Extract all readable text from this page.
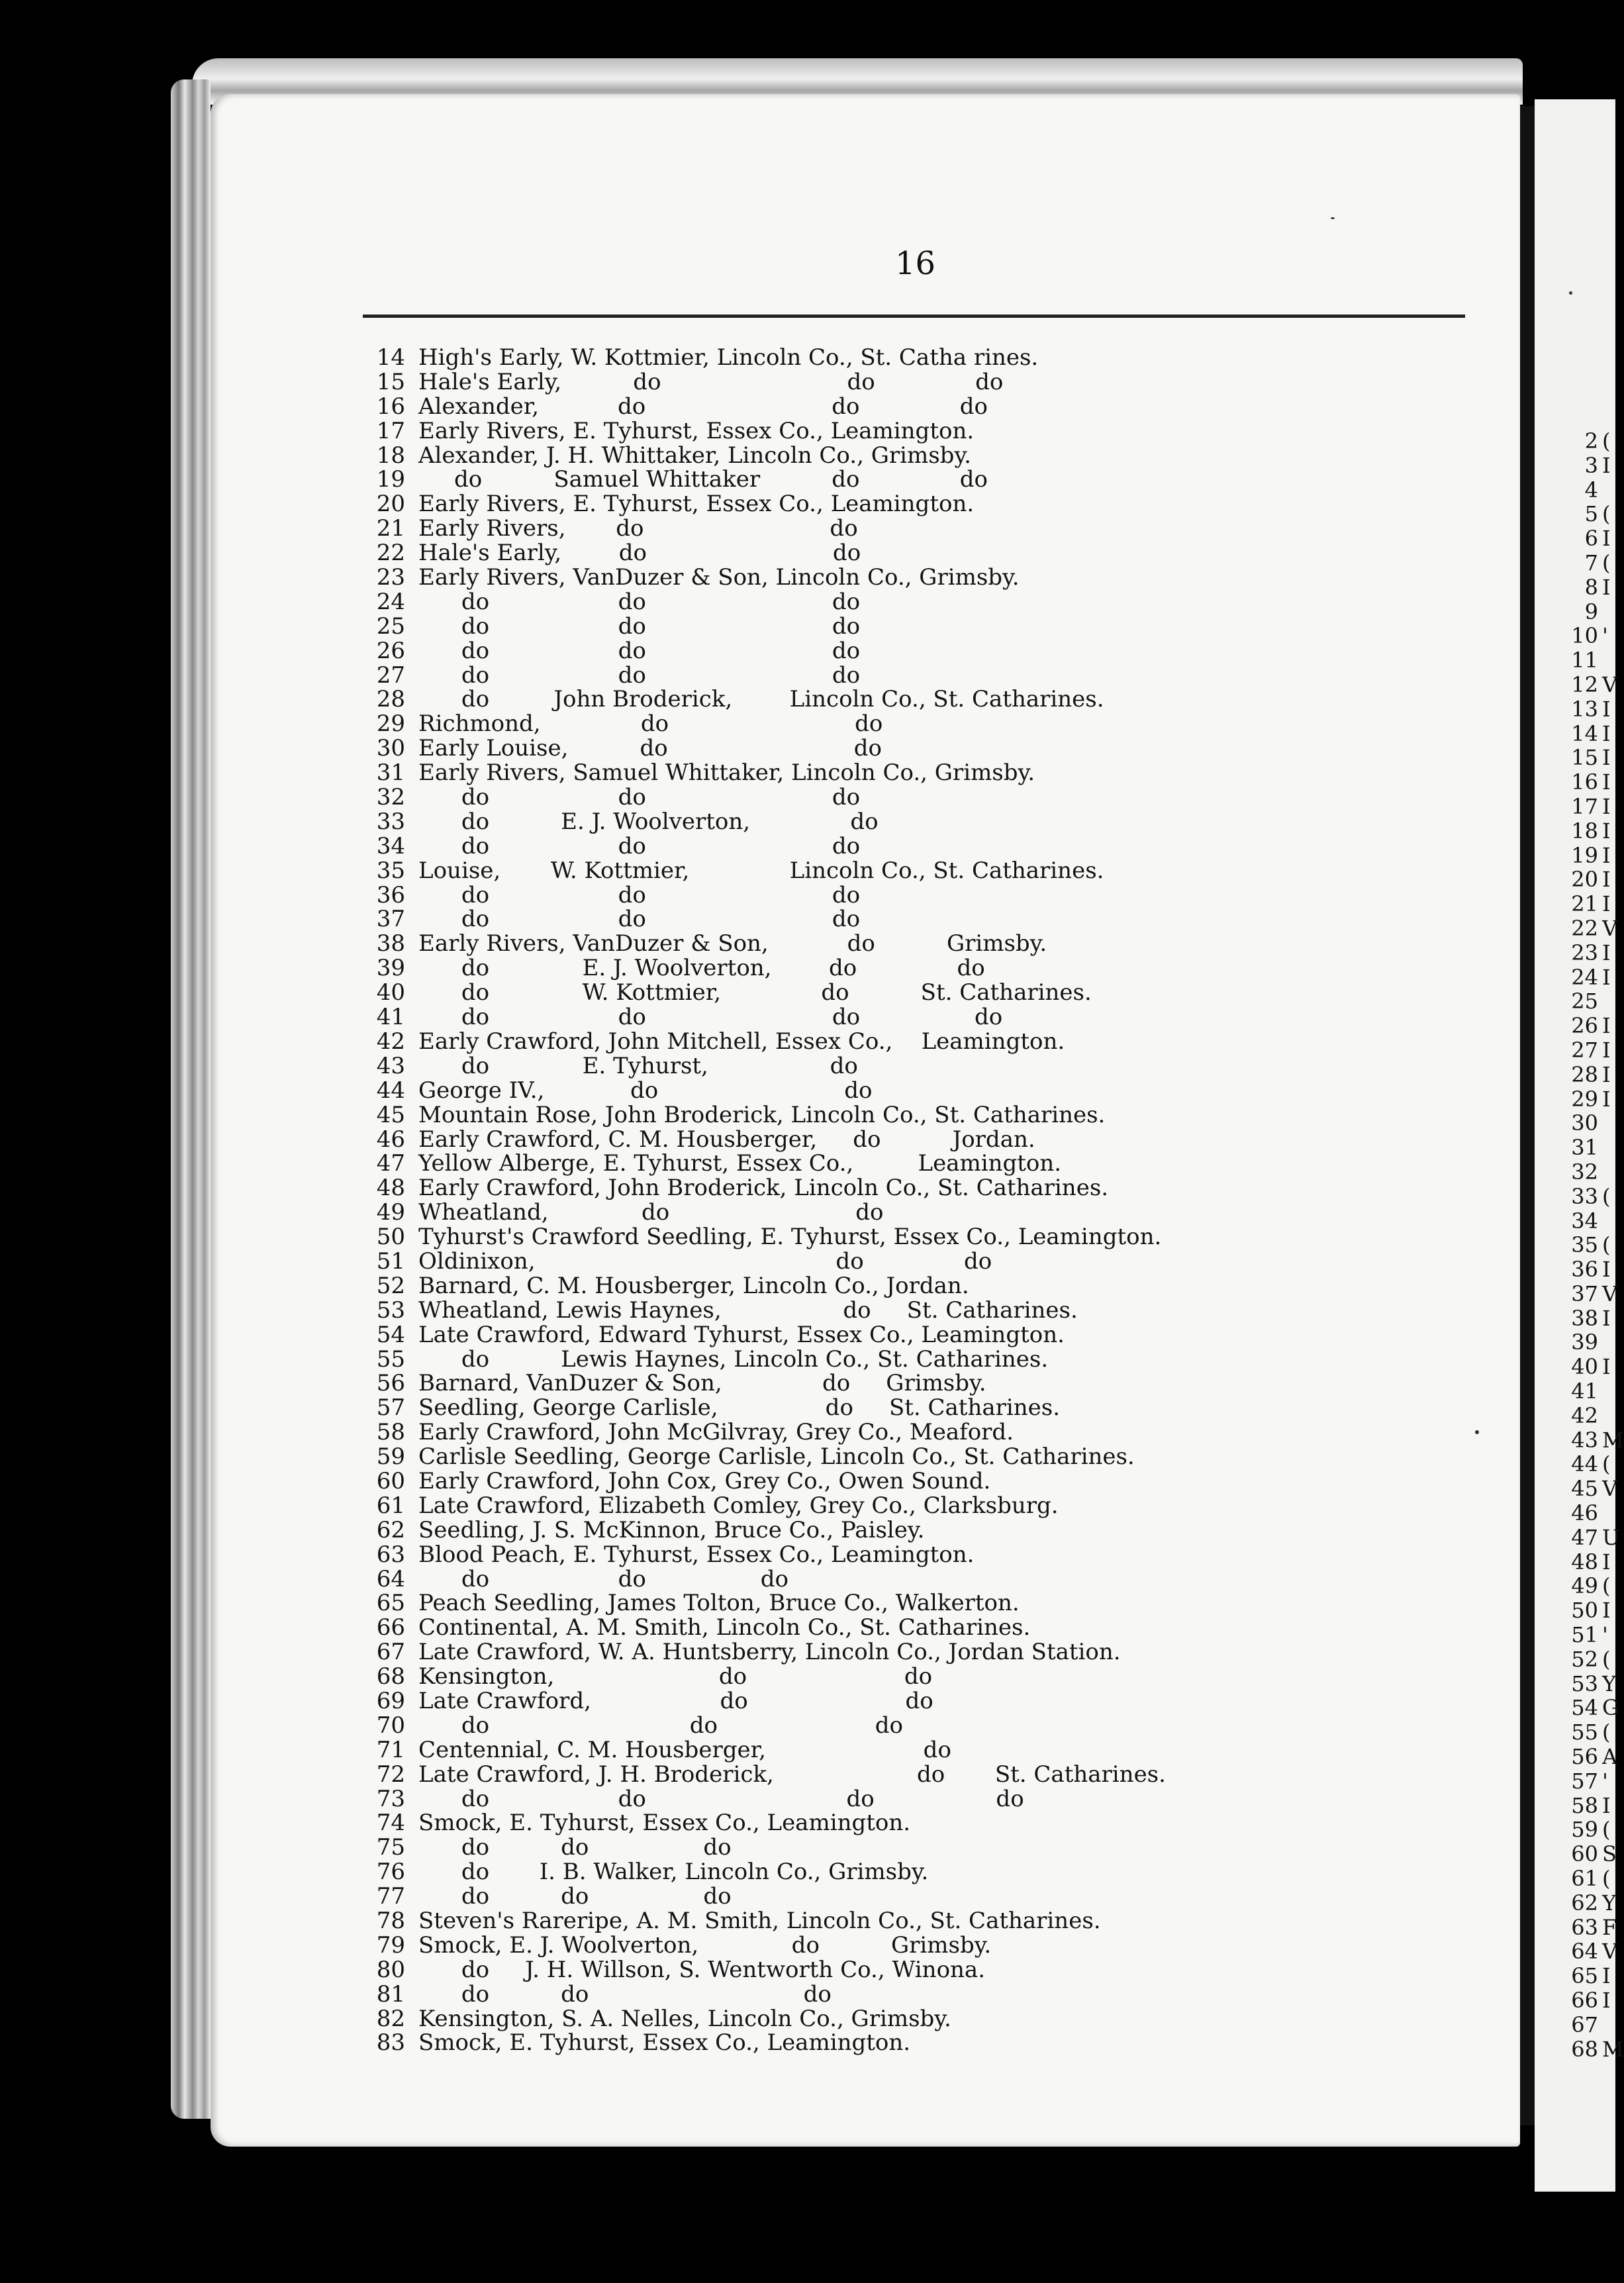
16
14 High's Early, W. Kottmier, Lincoln Co., St. Catha rines.
15 Hale's Early,          do                          do              do
16 Alexander,           do                          do              do
17 Early Rivers, E. Tyhurst, Essex Co., Leamington.
18 Alexander, J. H. Whittaker, Lincoln Co., Grimsby.
19 do          Samuel Whittaker          do              do
20 Early Rivers, E. Tyhurst, Essex Co., Leamington.
21 Early Rivers,       do                          do
22 Hale's Early,        do                          do
23 Early Rivers, VanDuzer & Son, Lincoln Co., Grimsby.
24 do                  do                          do
25 do                  do                          do
26 do                  do                          do
27 do                  do                          do
28 do         John Broderick,        Lincoln Co., St. Catharines.
29 Richmond,              do                          do
30 Early Louise,          do                          do
31 Early Rivers, Samuel Whittaker, Lincoln Co., Grimsby.
32 do                  do                          do
33 do          E. J. Woolverton,              do
34 do                  do                          do
35 Louise,       W. Kottmier,              Lincoln Co., St. Catharines.
36 do                  do                          do
37 do                  do                          do
38 Early Rivers, VanDuzer & Son,           do          Grimsby.
39 do             E. J. Woolverton,        do              do
40 do             W. Kottmier,              do          St. Catharines.
41 do                  do                          do                do
42 Early Crawford, John Mitchell, Essex Co.,    Leamington.
43 do             E. Tyhurst,                 do
44 George IV.,            do                          do
45 Mountain Rose, John Broderick, Lincoln Co., St. Catharines.
46 Early Crawford, C. M. Housberger,     do          Jordan.
47 Yellow Alberge, E. Tyhurst, Essex Co.,         Leamington.
48 Early Crawford, John Broderick, Lincoln Co., St. Catharines.
49 Wheatland,             do                          do
50 Tyhurst's Crawford Seedling, E. Tyhurst, Essex Co., Leamington.
51 Oldinixon,                                          do              do
52 Barnard, C. M. Housberger, Lincoln Co., Jordan.
53 Wheatland, Lewis Haynes,                 do     St. Catharines.
54 Late Crawford, Edward Tyhurst, Essex Co., Leamington.
55 do          Lewis Haynes, Lincoln Co., St. Catharines.
56 Barnard, VanDuzer & Son,              do     Grimsby.
57 Seedling, George Carlisle,               do     St. Catharines.
58 Early Crawford, John McGilvray, Grey Co., Meaford.
59 Carlisle Seedling, George Carlisle, Lincoln Co., St. Catharines.
60 Early Crawford, John Cox, Grey Co., Owen Sound.
61 Late Crawford, Elizabeth Comley, Grey Co., Clarksburg.
62 Seedling, J. S. McKinnon, Bruce Co., Paisley.
63 Blood Peach, E. Tyhurst, Essex Co., Leamington.
64 do                  do                do
65 Peach Seedling, James Tolton, Bruce Co., Walkerton.
66 Continental, A. M. Smith, Lincoln Co., St. Catharines.
67 Late Crawford, W. A. Huntsberry, Lincoln Co., Jordan Station.
68 Kensington,                       do                      do
69 Late Crawford,                  do                      do
70 do                            do                      do
71 Centennial, C. M. Housberger,                      do
72 Late Crawford, J. H. Broderick,                    do       St. Catharines.
73 do                  do                            do                 do
74 Smock, E. Tyhurst, Essex Co., Leamington.
75 do          do                do
76 do       I. B. Walker, Lincoln Co., Grimsby.
77 do          do                do
78 Steven's Rareripe, A. M. Smith, Lincoln Co., St. Catharines.
79 Smock, E. J. Woolverton,             do          Grimsby.
80 do     J. H. Willson, S. Wentworth Co., Winona.
81 do          do                              do
82 Kensington, S. A. Nelles, Lincoln Co., Grimsby.
83 Smock, E. Tyhurst, Essex Co., Leamington.
2 (
3 I
4
5 (
6 I
7 (
8 I
9
10 '
11
12 V
13 I
14 I
15 I
16 I
17 I
18 I
19 I
20 I
21 I
22 V
23 I
24 I
25
26 I
27 I
28 I
29 I
30
31
32
33 (
34
35 (
36 I
37 V
38 I
39
40 I
41
42
43 M
44 (
45 V
46
47 U
48 I
49 (
50 I
51 '
52 (
53 Y
54 G
55 (
56 A
57 '
58 I
59 (
60 S
61 (
62 Y
63 F
64 V
65 I
66 I
67
68 M
